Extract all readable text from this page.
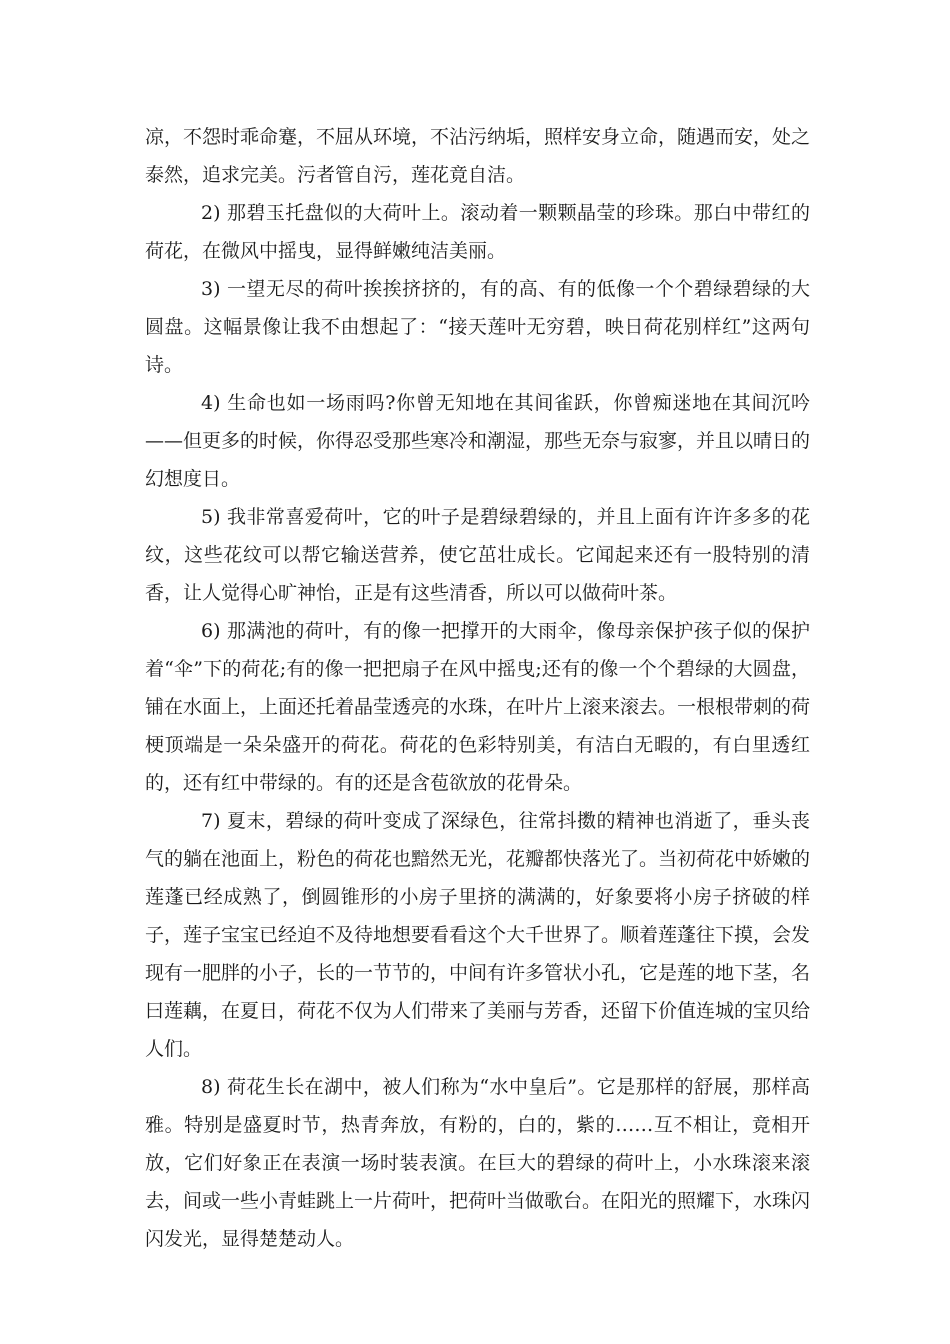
凉，不怨时乖命蹇，不屈从环境，不沾污纳垢，照样安身立命，随遇而安，处之泰然，追求完美。污者管自污，莲花竟自洁。

2) 那碧玉托盘似的大荷叶上。滚动着一颗颗晶莹的珍珠。那白中带红的荷花，在微风中摇曳，显得鲜嫩纯洁美丽。

3) 一望无尽的荷叶挨挨挤挤的，有的高、有的低像一个个碧绿碧绿的大圆盘。这幅景像让我不由想起了：“接天莲叶无穷碧，映日荷花别样红”这两句诗。

4) 生命也如一场雨吗?你曾无知地在其间雀跃，你曾痴迷地在其间沉吟——但更多的时候，你得忍受那些寒冷和潮湿，那些无奈与寂寥，并且以晴日的幻想度日。

5) 我非常喜爱荷叶，它的叶子是碧绿碧绿的，并且上面有许许多多的花纹，这些花纹可以帮它输送营养，使它茁壮成长。它闻起来还有一股特别的清香，让人觉得心旷神怡，正是有这些清香，所以可以做荷叶茶。

6) 那满池的荷叶，有的像一把撑开的大雨伞，像母亲保护孩子似的保护着“伞”下的荷花;有的像一把把扇子在风中摇曳;还有的像一个个碧绿的大圆盘，铺在水面上，上面还托着晶莹透亮的水珠，在叶片上滚来滚去。一根根带刺的荷梗顶端是一朵朵盛开的荷花。荷花的色彩特别美，有洁白无暇的，有白里透红的，还有红中带绿的。有的还是含苞欲放的花骨朵。

7) 夏末，碧绿的荷叶变成了深绿色，往常抖擞的精神也消逝了，垂头丧气的躺在池面上，粉色的荷花也黯然无光，花瓣都快落光了。当初荷花中娇嫩的莲蓬已经成熟了，倒圆锥形的小房子里挤的满满的，好象要将小房子挤破的样子，莲子宝宝已经迫不及待地想要看看这个大千世界了。顺着莲蓬往下摸，会发现有一肥胖的小子，长的一节节的，中间有许多管状小孔，它是莲的地下茎，名曰莲藕，在夏日，荷花不仅为人们带来了美丽与芳香，还留下价值连城的宝贝给人们。

8) 荷花生长在湖中，被人们称为“水中皇后”。它是那样的舒展，那样高雅。特别是盛夏时节，热青奔放，有粉的，白的，紫的……互不相让，竟相开放，它们好象正在表演一场时装表演。在巨大的碧绿的荷叶上，小水珠滚来滚去，间或一些小青蛙跳上一片荷叶，把荷叶当做歌台。在阳光的照耀下，水珠闪闪发光，显得楚楚动人。
